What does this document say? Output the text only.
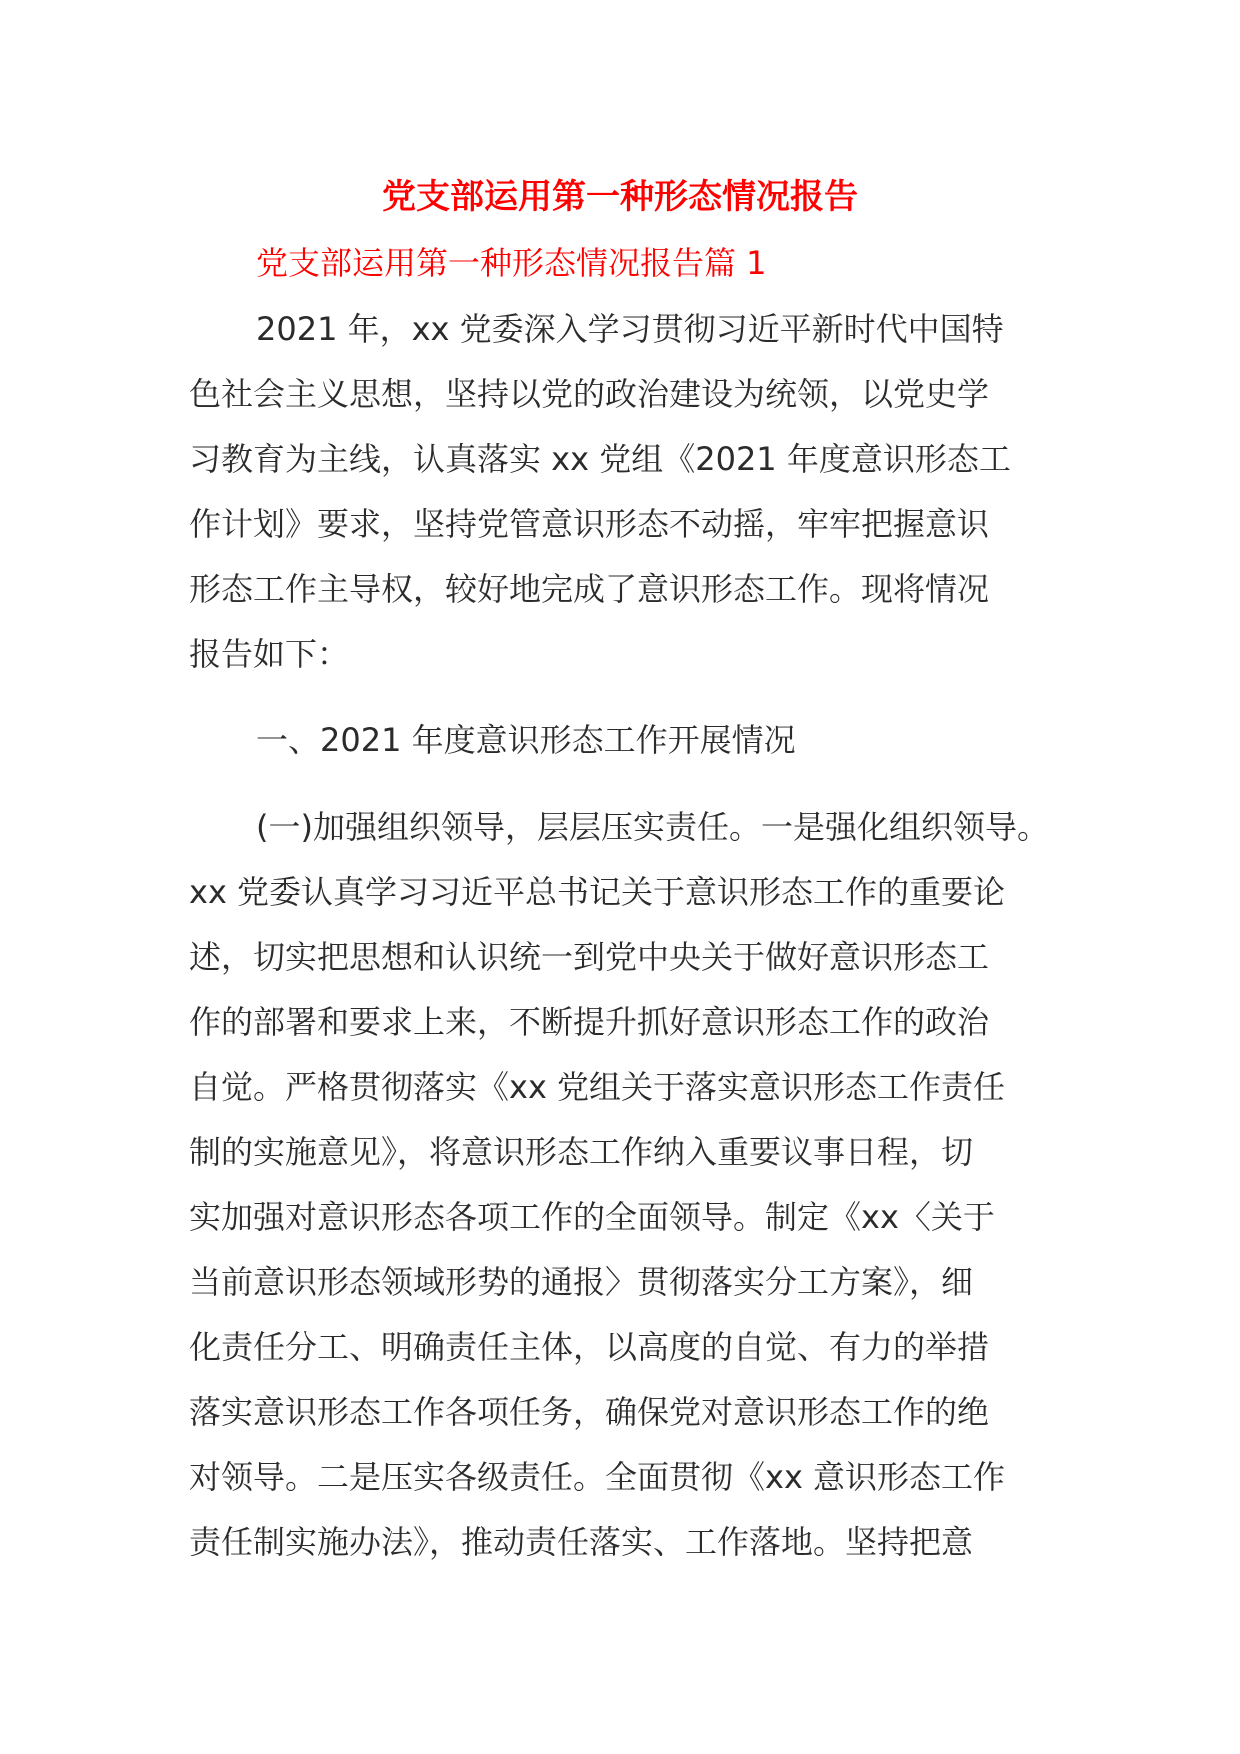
党支部运用第一种形态情况报告
党支部运用第一种形态情况报告篇 1
2021 年，xx 党委深入学习贯彻习近平新时代中国特
色社会主义思想，坚持以党的政治建设为统领，以党史学
习教育为主线，认真落实 xx 党组《2021 年度意识形态工
作计划》要求，坚持党管意识形态不动摇，牢牢把握意识
形态工作主导权，较好地完成了意识形态工作。现将情况
报告如下：
一、2021 年度意识形态工作开展情况
(一)加强组织领导，层层压实责任。一是强化组织领导。
xx 党委认真学习习近平总书记关于意识形态工作的重要论
述，切实把思想和认识统一到党中央关于做好意识形态工
作的部署和要求上来，不断提升抓好意识形态工作的政治
自觉。严格贯彻落实《xx 党组关于落实意识形态工作责任
制的实施意见》，将意识形态工作纳入重要议事日程，切
实加强对意识形态各项工作的全面领导。制定《xx〈关于
当前意识形态领域形势的通报〉贯彻落实分工方案》，细
化责任分工、明确责任主体，以高度的自觉、有力的举措
落实意识形态工作各项任务，确保党对意识形态工作的绝
对领导。二是压实各级责任。全面贯彻《xx 意识形态工作
责任制实施办法》，推动责任落实、工作落地。坚持把意
